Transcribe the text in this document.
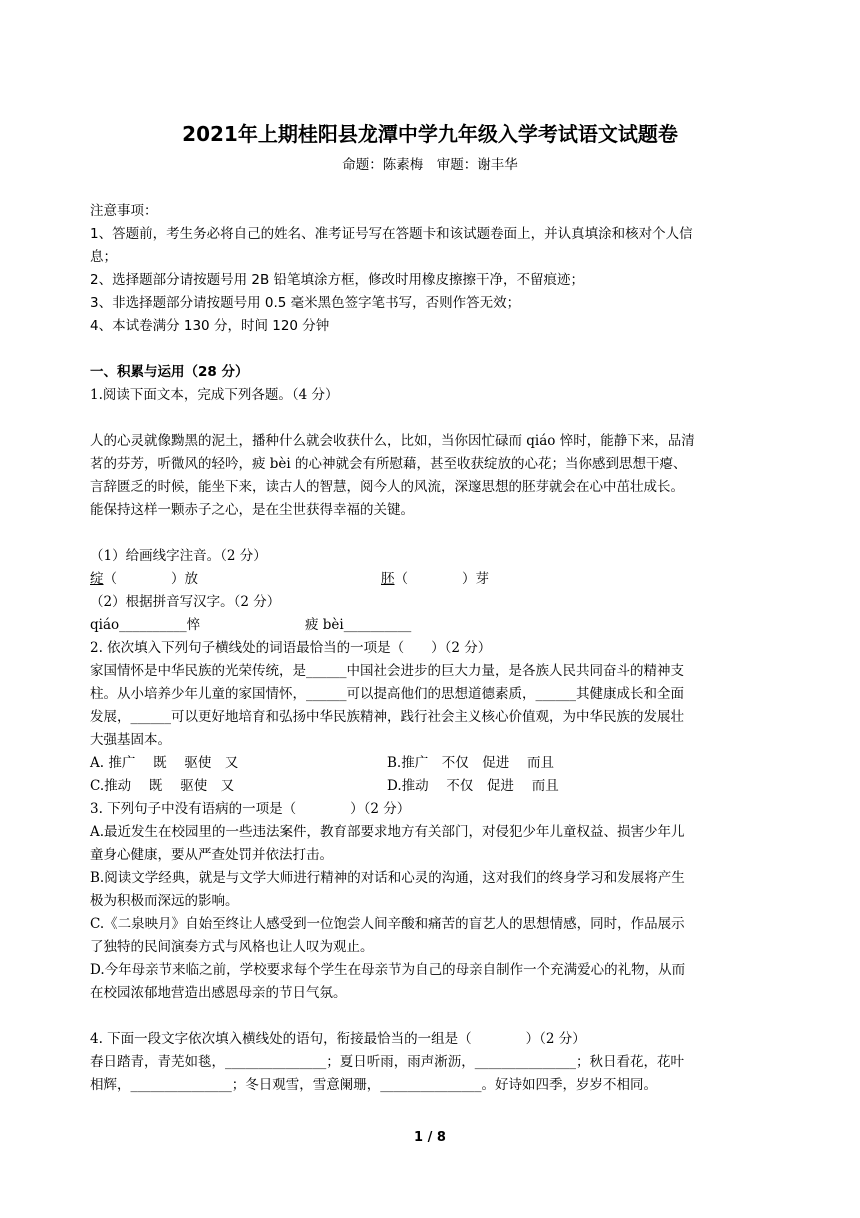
2021年上期桂阳县龙潭中学九年级入学考试语文试题卷
命题：陈素梅　审题：谢丰华
注意事项：
1、答题前，考生务必将自己的姓名、准考证号写在答题卡和该试题卷面上，并认真填涂和核对个人信
息；
2、选择题部分请按题号用 2B 铅笔填涂方框，修改时用橡皮擦擦干净，不留痕迹；
3、非选择题部分请按题号用 0.5 毫米黑色签字笔书写，否则作答无效；
4、本试卷满分 130 分，时间 120 分钟
一、积累与运用（28 分）
1.阅读下面文本，完成下列各题。（4 分）
人的心灵就像黝黑的泥土，播种什么就会收获什么，比如，当你因忙碌而 qiáo 悴时，能静下来，品清
茗的芬芳，听微风的轻吟，疲 bèi 的心神就会有所慰藉，甚至收获绽放的心花；当你感到思想干瘪、
言辞匮乏的时候，能坐下来，读古人的智慧，阅今人的风流，深邃思想的胚芽就会在心中茁壮成长。
能保持这样一颗赤子之心，是在尘世获得幸福的关键。
（1）给画线字注音。（2 分）
绽（　　　　）放	胚（　　　　）芽
（2）根据拼音写汉字。（2 分）
qiáo__________悴	疲 bèi__________
2. 依次填入下列句子横线处的词语最恰当的一项是（　　）（2 分）
家国情怀是中华民族的光荣传统，是______中国社会进步的巨大力量，是各族人民共同奋斗的精神支
柱。从小培养少年儿童的家国情怀，______可以提高他们的思想道德素质，______其健康成长和全面
发展，______可以更好地培育和弘扬中华民族精神，践行社会主义核心价值观，为中华民族的发展壮
大强基固本。
A. 推广　 既　 驱使　又	B.推广　不仅　促进　 而且
C.推动　 既　 驱使　又	D.推动　 不仅　促进　 而且
3. 下列句子中没有语病的一项是（　　　　）（2 分）
A.最近发生在校园里的一些违法案件，教育部要求地方有关部门，对侵犯少年儿童权益、损害少年儿
童身心健康，要从严查处罚并依法打击。
B.阅读文学经典，就是与文学大师进行精神的对话和心灵的沟通，这对我们的终身学习和发展将产生
极为积极而深远的影响。
C.《二泉映月》自始至终让人感受到一位饱尝人间辛酸和痛苦的盲艺人的思想情感，同时，作品展示
了独特的民间演奏方式与风格也让人叹为观止。
D.今年母亲节来临之前，学校要求每个学生在母亲节为自己的母亲自制作一个充满爱心的礼物，从而
在校园浓郁地营造出感恩母亲的节日气氛。
4. 下面一段文字依次填入横线处的语句，衔接最恰当的一组是（　　　　）（2 分）
春日踏青，青芜如毯，_______________；夏日听雨，雨声淅沥，_______________；秋日看花，花叶
相辉，_______________；冬日观雪，雪意阑珊，_______________。好诗如四季，岁岁不相同。
1 / 8
